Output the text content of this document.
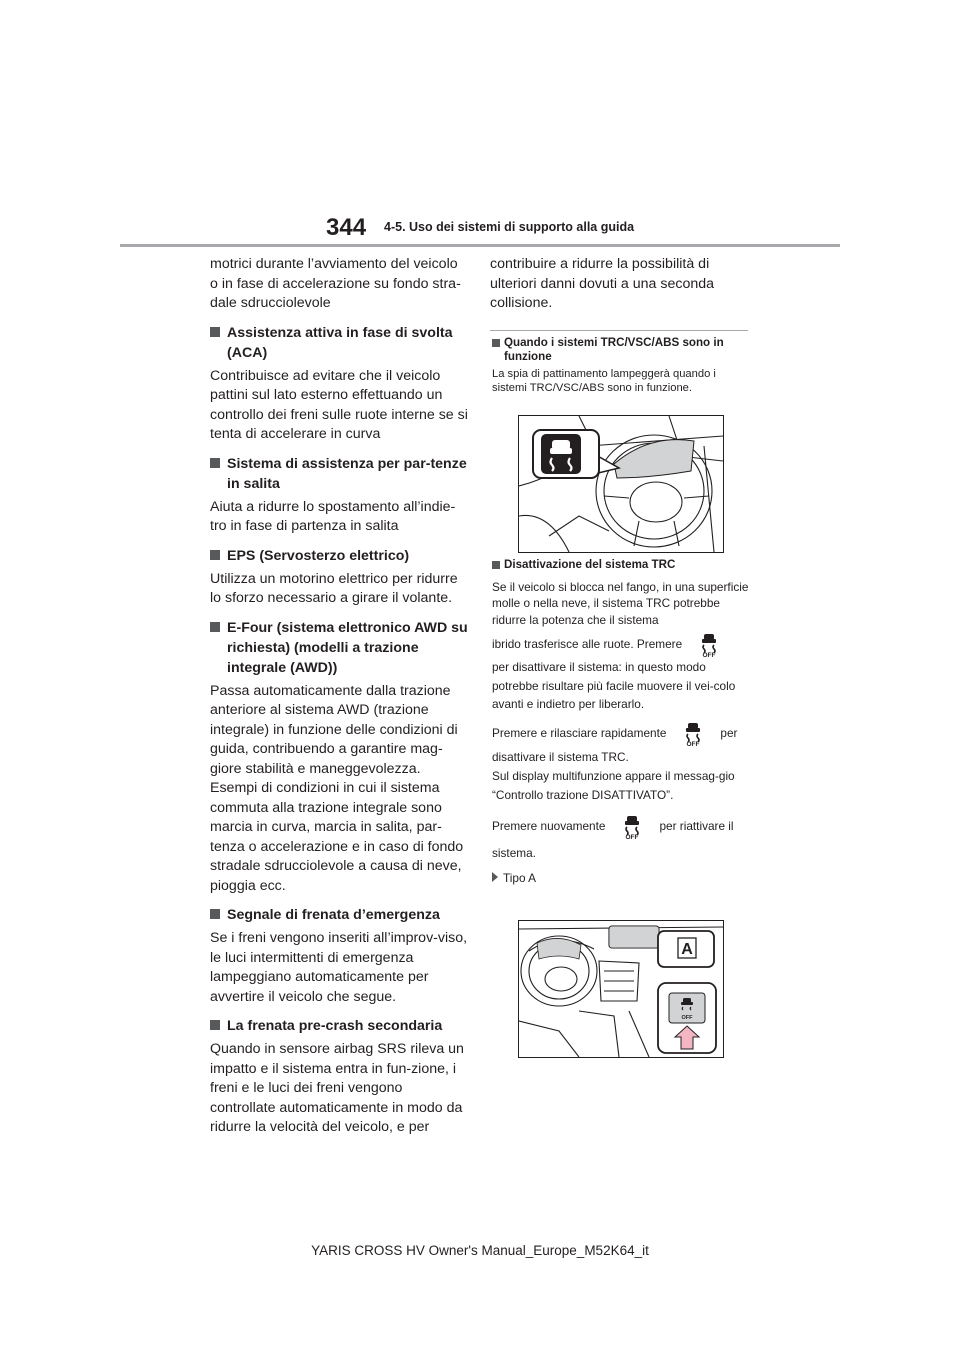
344 4-5. Uso dei sistemi di supporto alla guida

motrici durante l’avviamento del veicolo o in fase di accelerazione su fondo stra-dale sdrucciolevole

Assistenza attiva in fase di svolta (ACA)

Contribuisce ad evitare che il veicolo pattini sul lato esterno effettuando un controllo dei freni sulle ruote interne se si tenta di accelerare in curva

Sistema di assistenza per par-tenze in salita

Aiuta a ridurre lo spostamento all’indie-tro in fase di partenza in salita

EPS (Servosterzo elettrico)

Utilizza un motorino elettrico per ridurre lo sforzo necessario a girare il volante.

E-Four (sistema elettronico AWD su richiesta) (modelli a trazione integrale (AWD))

Passa automaticamente dalla trazione anteriore al sistema AWD (trazione integrale) in funzione delle condizioni di guida, contribuendo a garantire mag-giore stabilità e maneggevolezza. Esempi di condizioni in cui il sistema commuta alla trazione integrale sono marcia in curva, marcia in salita, par-tenza o accelerazione e in caso di fondo stradale sdrucciolevole a causa di neve, pioggia ecc.

Segnale di frenata d’emergenza

Se i freni vengono inseriti all’improv-viso, le luci intermittenti di emergenza lampeggiano automaticamente per avvertire il veicolo che segue.

La frenata pre-crash secondaria

Quando in sensore airbag SRS rileva un impatto e il sistema entra in fun-zione, i freni e le luci dei freni vengono controllate automaticamente in modo da ridurre la velocità del veicolo, e per

contribuire a ridurre la possibilità di ulteriori danni dovuti a una seconda collisione.

Quando i sistemi TRC/VSC/ABS sono in funzione

La spia di pattinamento lampeggerà quando i sistemi TRC/VSC/ABS sono in funzione.

Disattivazione del sistema TRC

Se il veicolo si blocca nel fango, in una superficie molle o nella neve, il sistema TRC potrebbe ridurre la potenza che il sistema

ibrido trasferisce alle ruote. Premere
OFF

per disattivare il sistema: in questo modo potrebbe risultare più facile muovere il vei-colo avanti e indietro per liberarlo.

Premere e rilasciare rapidamente
OFF
per

disattivare il sistema TRC.

Sul display multifunzione appare il messag-gio “Controllo trazione DISATTIVATO”.

Premere nuovamente
OFF
per riattivare il

sistema.

Tipo A

A
OFF
YARIS CROSS HV Owner's Manual_Europe_M52K64_it
